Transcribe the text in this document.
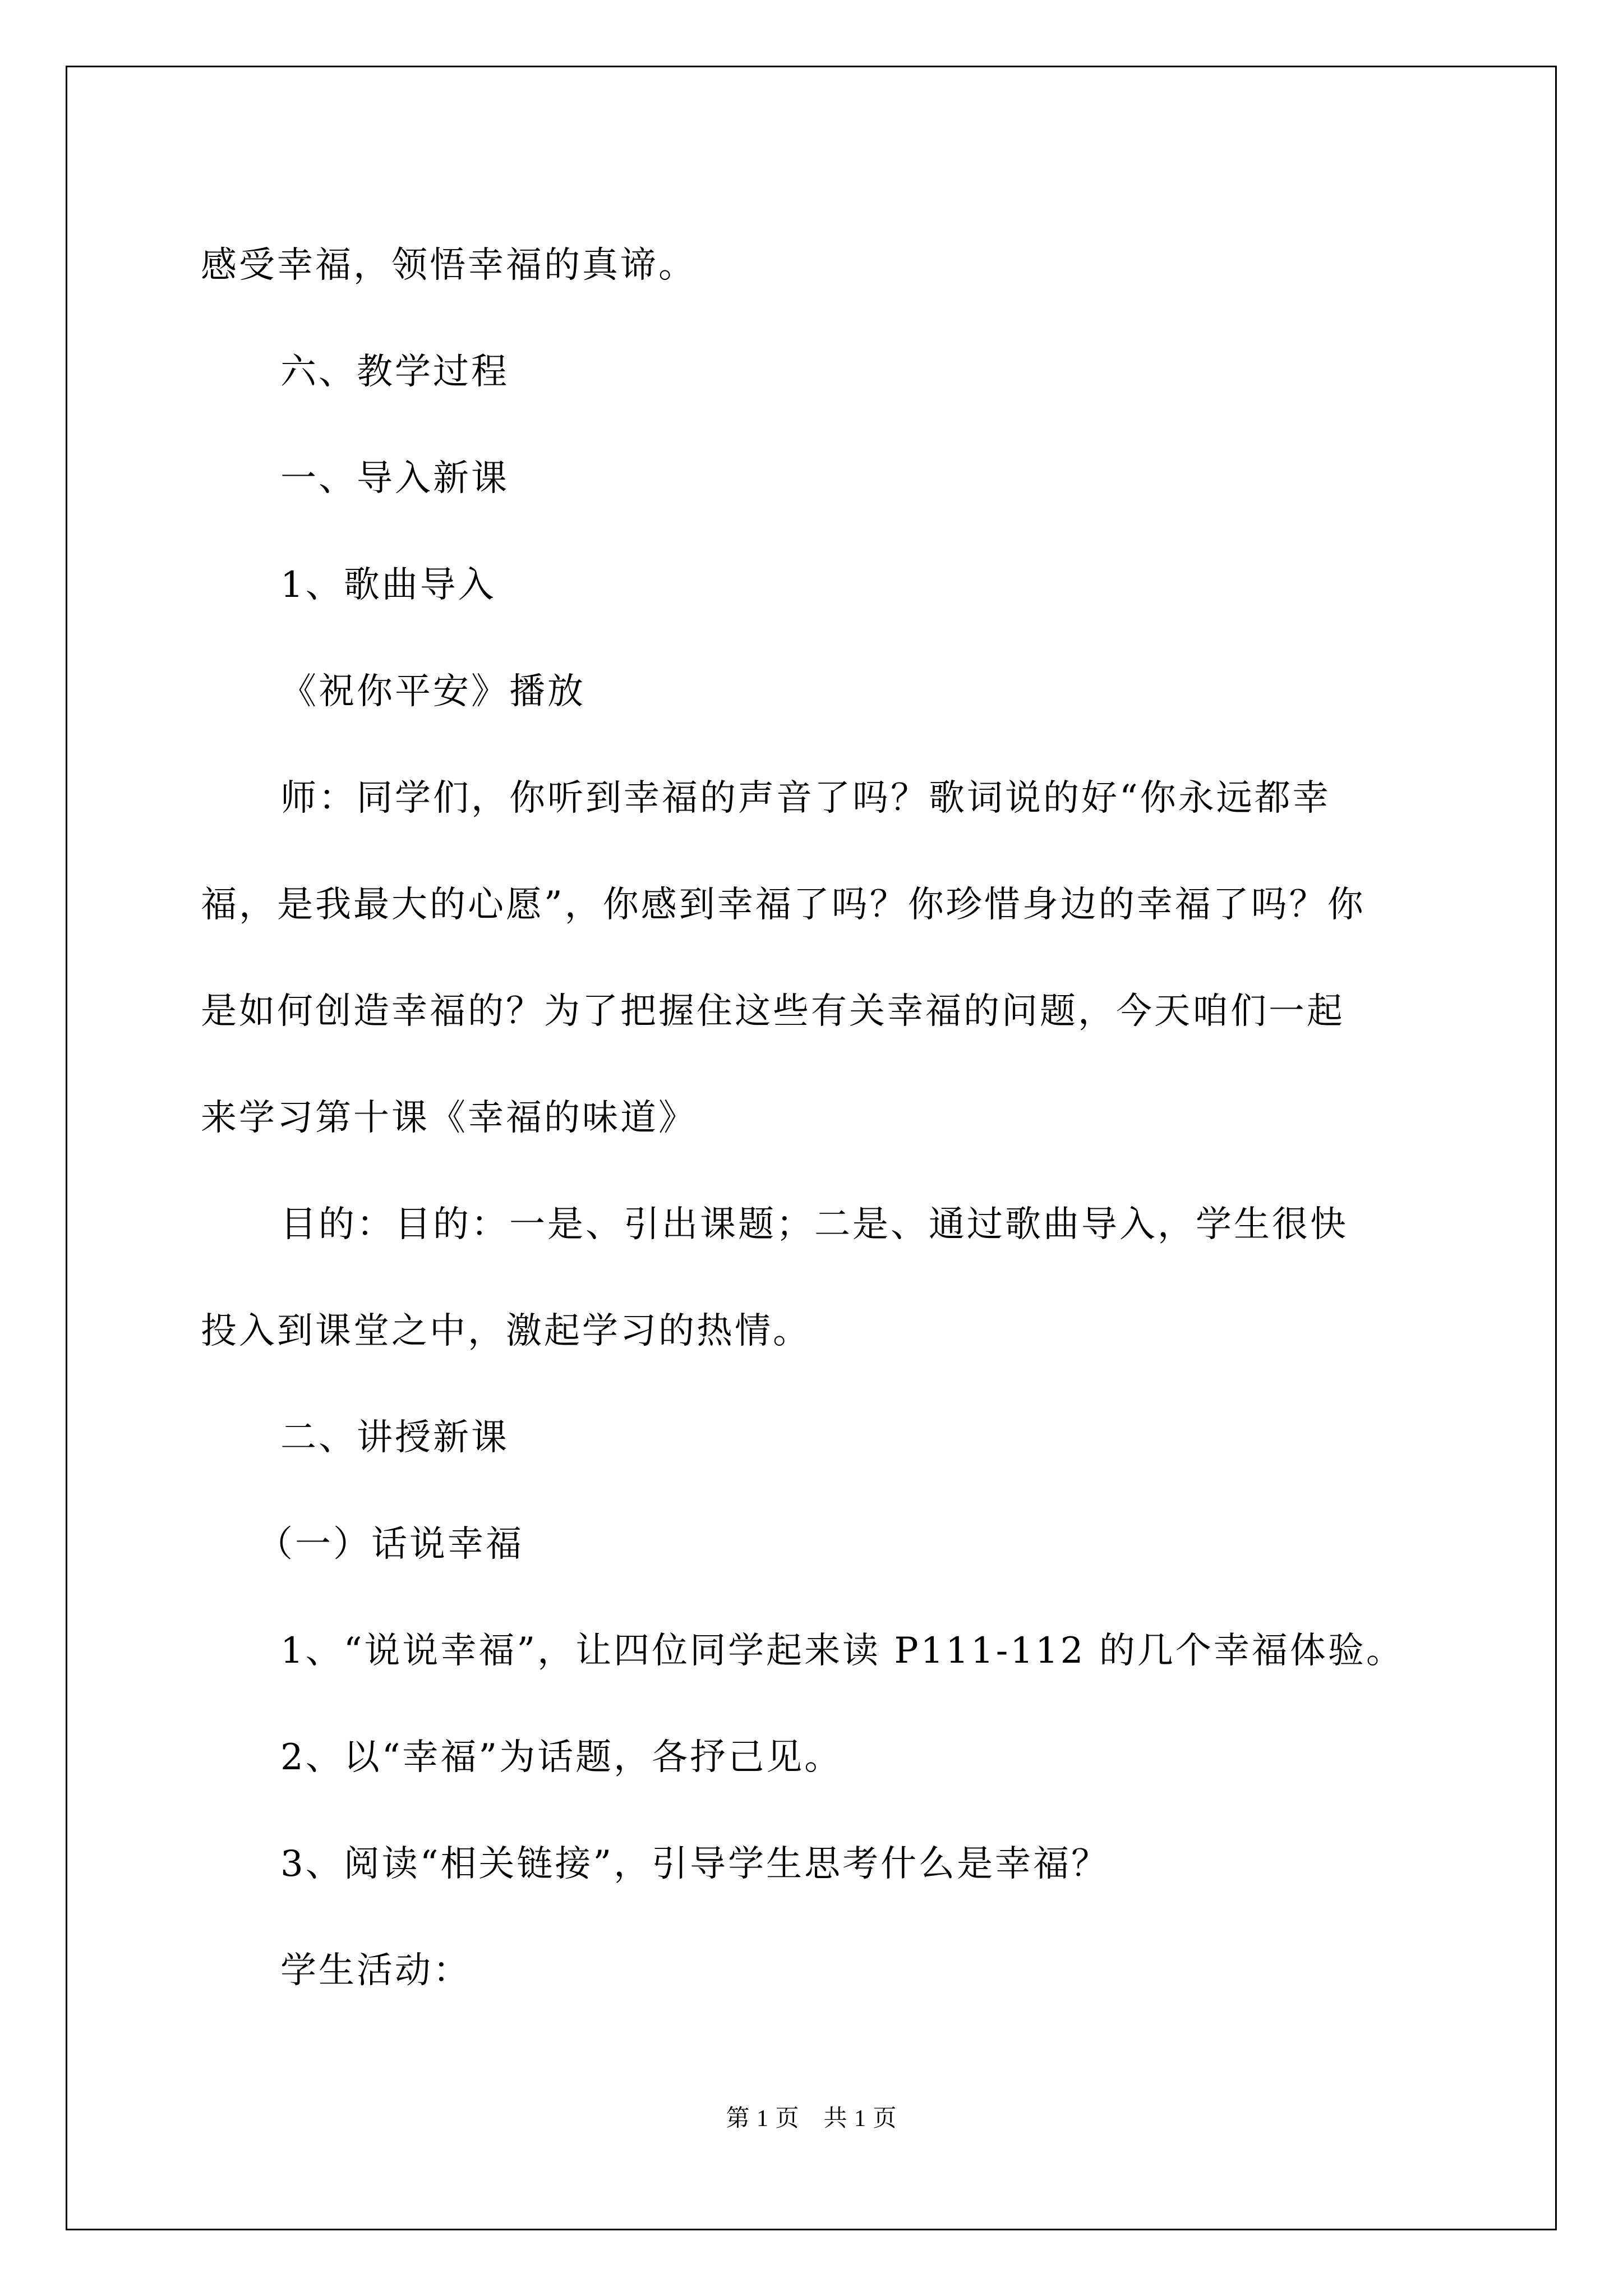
感受幸福，领悟幸福的真谛。

六、教学过程

一、导入新课

1、歌曲导入

《祝你平安》播放

师：同学们，你听到幸福的声音了吗？歌词说的好“你永远都幸

福，是我最大的心愿”，你感到幸福了吗？你珍惜身边的幸福了吗？你

是如何创造幸福的？为了把握住这些有关幸福的问题，今天咱们一起

来学习第十课《幸福的味道》

目的：目的：一是、引出课题；二是、通过歌曲导入，学生很快

投入到课堂之中，激起学习的热情。

二、讲授新课

（一）话说幸福

1、“说说幸福”，让四位同学起来读 P111-112 的几个幸福体验。

2、以“幸福”为话题，各抒己见。

3、阅读“相关链接”，引导学生思考什么是幸福？

学生活动：

第 1 页　共 1 页
